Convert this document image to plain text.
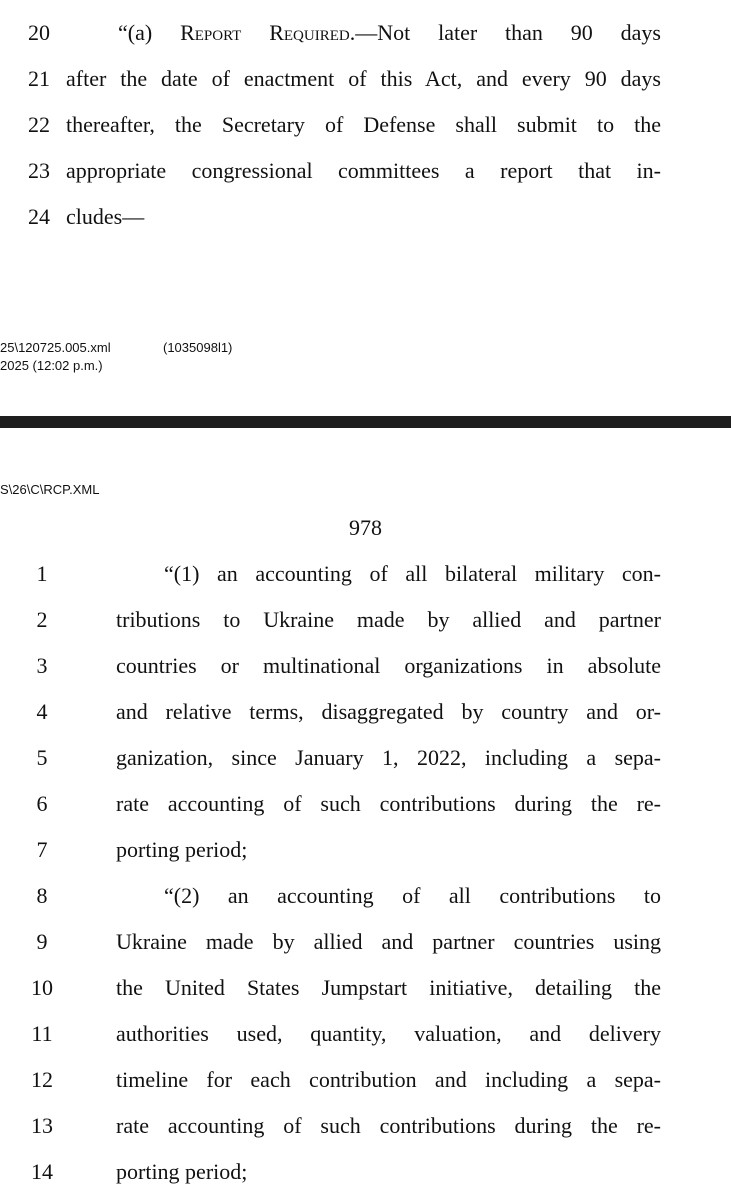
20	“(a) Report Required.—Not later than 90 days
21 after the date of enactment of this Act, and every 90 days
22 thereafter, the Secretary of Defense shall submit to the
23 appropriate congressional committees a report that in-
24 cludes—
25\120725.005.xml	(1035098l1)
2025 (12:02 p.m.)
S\26\C\RCP.XML
978
1	“(1) an accounting of all bilateral military con-
2	tributions to Ukraine made by allied and partner
3	countries or multinational organizations in absolute
4	and relative terms, disaggregated by country and or-
5	ganization, since January 1, 2022, including a sepa-
6	rate accounting of such contributions during the re-
7	porting period;
8	“(2) an accounting of all contributions to
9	Ukraine made by allied and partner countries using
10	the United States Jumpstart initiative, detailing the
11	authorities used, quantity, valuation, and delivery
12	timeline for each contribution and including a sepa-
13	rate accounting of such contributions during the re-
14	porting period;
